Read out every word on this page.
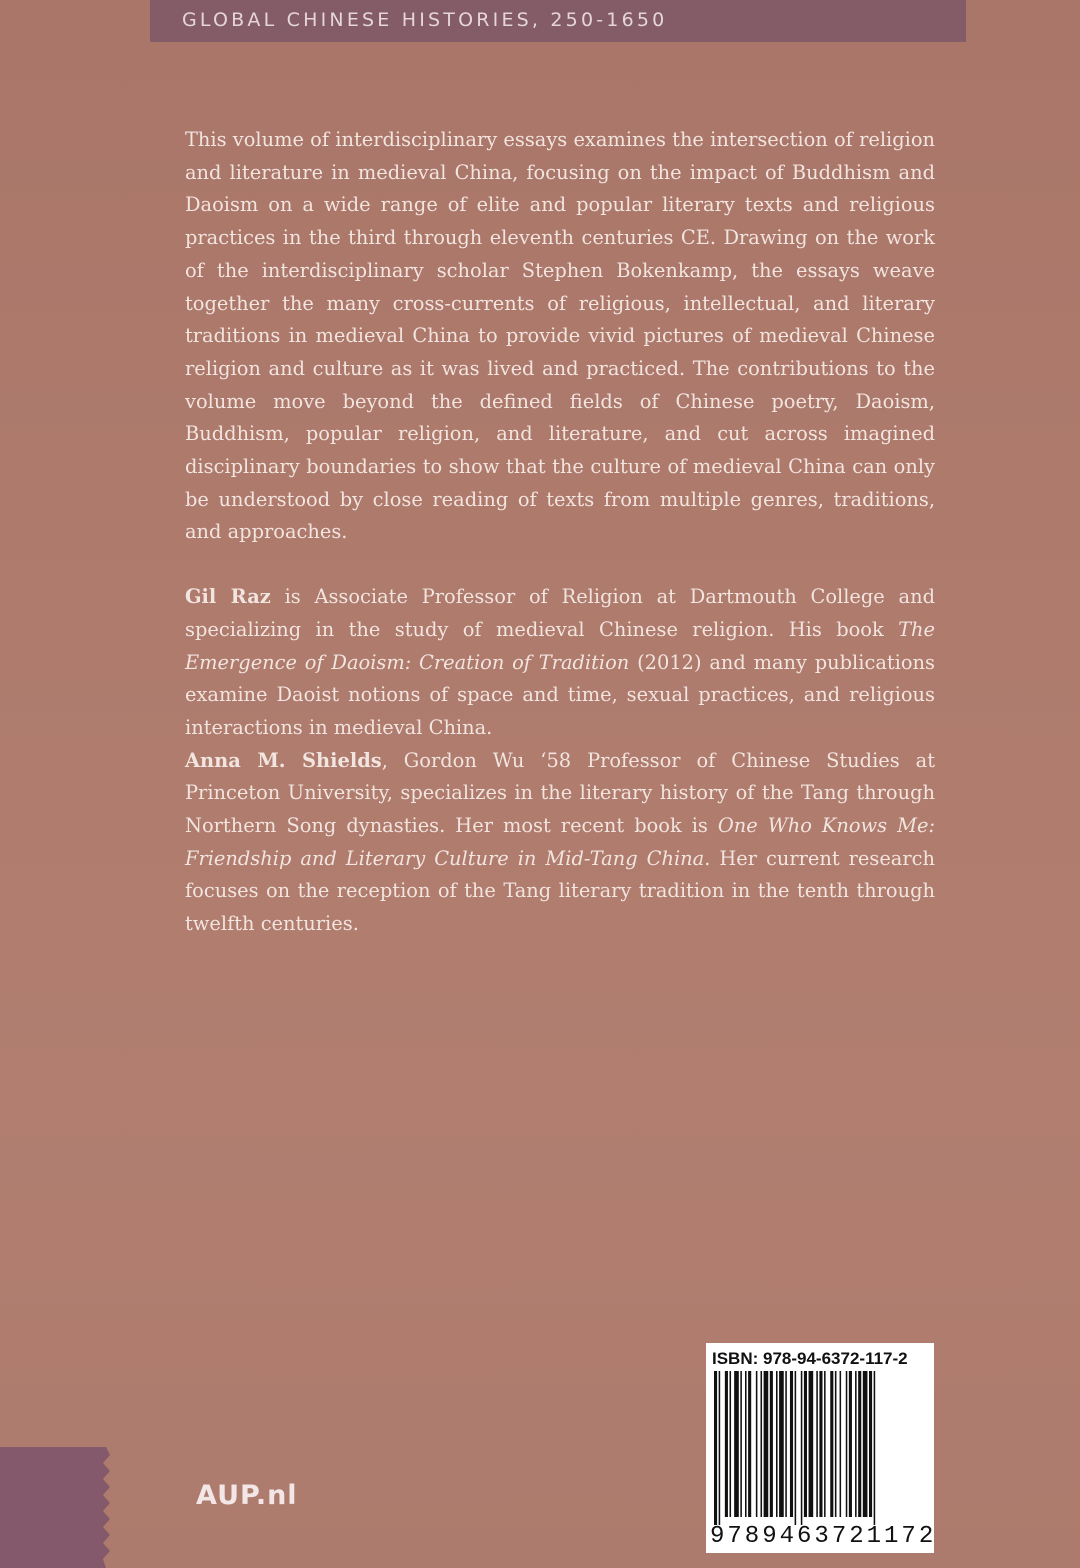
GLOBAL CHINESE HISTORIES, 250-1650

This volume of interdisciplinary essays examines the intersection of religion and literature in medieval China, focusing on the impact of Buddhism and Daoism on a wide range of elite and popular literary texts and religious practices in the third through eleventh centuries CE. Drawing on the work of the interdisciplinary scholar Stephen Bokenkamp, the essays weave together the many cross-currents of religious, intellectual, and literary traditions in medieval China to provide vivid pictures of medieval Chinese religion and culture as it was lived and practiced. The contributions to the volume move beyond the defined fields of Chinese poetry, Daoism, Buddhism, popular religion, and literature, and cut across imagined disciplinary boundaries to show that the culture of medieval China can only be understood by close reading of texts from multiple genres, traditions, and approaches.

Gil Raz is Associate Professor of Religion at Dartmouth College and specializing in the study of medieval Chinese religion. His book The Emergence of Daoism: Creation of Tradition (2012) and many publications examine Daoist notions of space and time, sexual practices, and religious interactions in medieval China.

Anna M. Shields, Gordon Wu ‘58 Professor of Chinese Studies at Princeton University, specializes in the literary history of the Tang through Northern Song dynasties. Her most recent book is One Who Knows Me: Friendship and Literary Culture in Mid-Tang China. Her current research focuses on the reception of the Tang literary tradition in the tenth through twelfth centuries.

AUP.nl
ISBN: 978-94-6372-117-2
9789463721172
